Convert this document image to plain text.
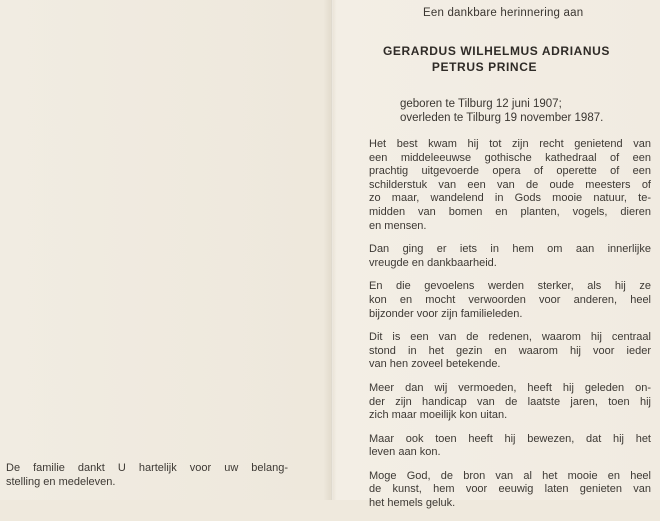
De familie dankt U hartelijk voor uw belang-
stelling en medeleven.
Een dankbare herinnering aan
GERARDUS WILHELMUS ADRIANUS
PETRUS PRINCE
geboren te Tilburg 12 juni 1907;
overleden te Tilburg 19 november 1987.
Het best kwam hij tot zijn recht genietend van
een middeleeuwse gothische kathedraal of een
prachtig uitgevoerde opera of operette of een
schilderstuk van een van de oude meesters of
zo maar, wandelend in Gods mooie natuur, te-
midden van bomen en planten, vogels, dieren
en mensen.
Dan ging er iets in hem om aan innerlijke
vreugde en dankbaarheid.
En die gevoelens werden sterker, als hij ze
kon en mocht verwoorden voor anderen, heel
bijzonder voor zijn familieleden.
Dit is een van de redenen, waarom hij centraal
stond in het gezin en waarom hij voor ieder
van hen zoveel betekende.
Meer dan wij vermoeden, heeft hij geleden on-
der zijn handicap van de laatste jaren, toen hij
zich maar moeilijk kon uitan.
Maar ook toen heeft hij bewezen, dat hij het
leven aan kon.
Moge God, de bron van al het mooie en heel
de kunst, hem voor eeuwig laten genieten van
het hemels geluk.
